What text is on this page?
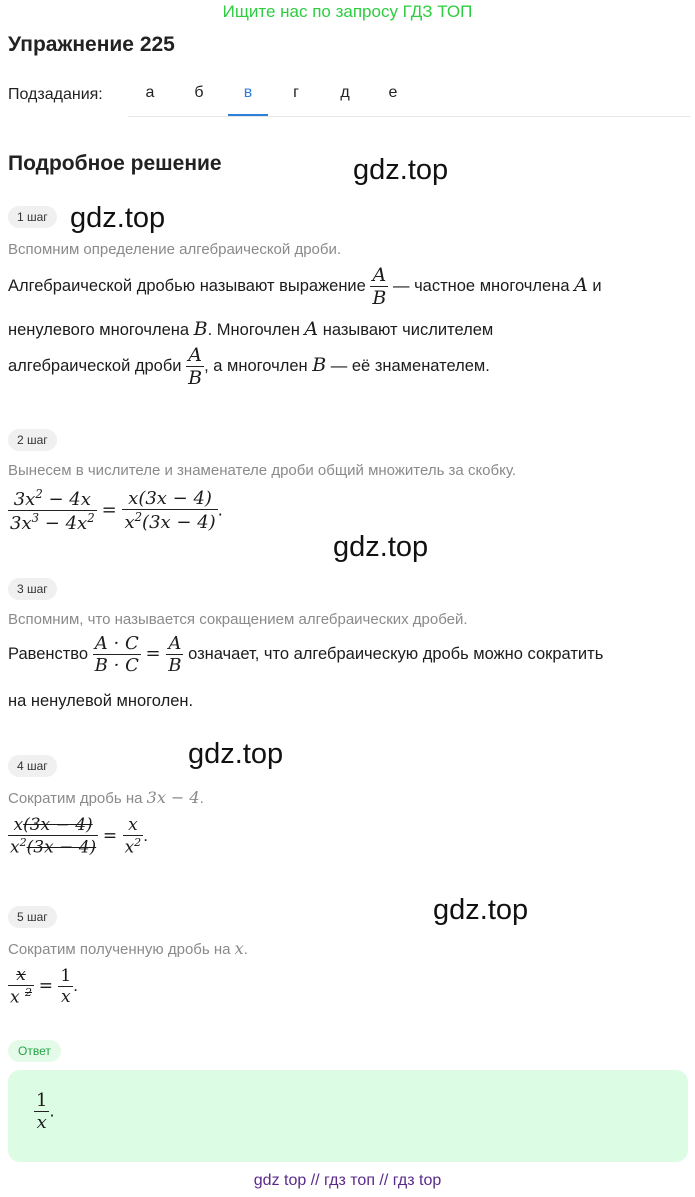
Ищите нас по запросу ГДЗ ТОП
Упражнение 225
Подзадания:	а	б	в	г	д	е
Подробное решение	gdz.top
gdz.top
gdz.top
gdz.top
gdz.top
1 шаг
Вспомним определение алгебраической дроби.
Алгебраической дробью называют выражение $\frac{A}{B}$ — частное многочлена A и
ненулевого многочлена B. Многочлен A называют числителем
алгебраической дроби $\frac{A}{B}$ , а многочлен B — её знаменателем.
2 шаг
Вынесем в числителе и знаменателе дроби общий множитель за скобку.
$\frac{3x^2 - 4x}{3x^3 - 4x^2} = \frac{x(3x - 4)}{x^2(3x - 4)}$ .
3 шаг
Вспомним, что называется сокращением алгебраических дробей.
Равенство $\frac{A \cdot C}{B \cdot C} = \frac{A}{B}$ означает, что алгебраическую дробь можно сократить
на ненулевой многолен.
4 шаг
Сократим дробь на 3x − 4.
$\frac{x(3x - 4)}{x^2(3x - 4)} = \frac{x}{x^2}$ .
5 шаг
Сократим полученную дробь на x.
$\frac{x}{x ^2} = \frac{1}{x}$ .
Ответ
$\frac{1}{x}$ .
gdz top // гдз топ // гдз top
